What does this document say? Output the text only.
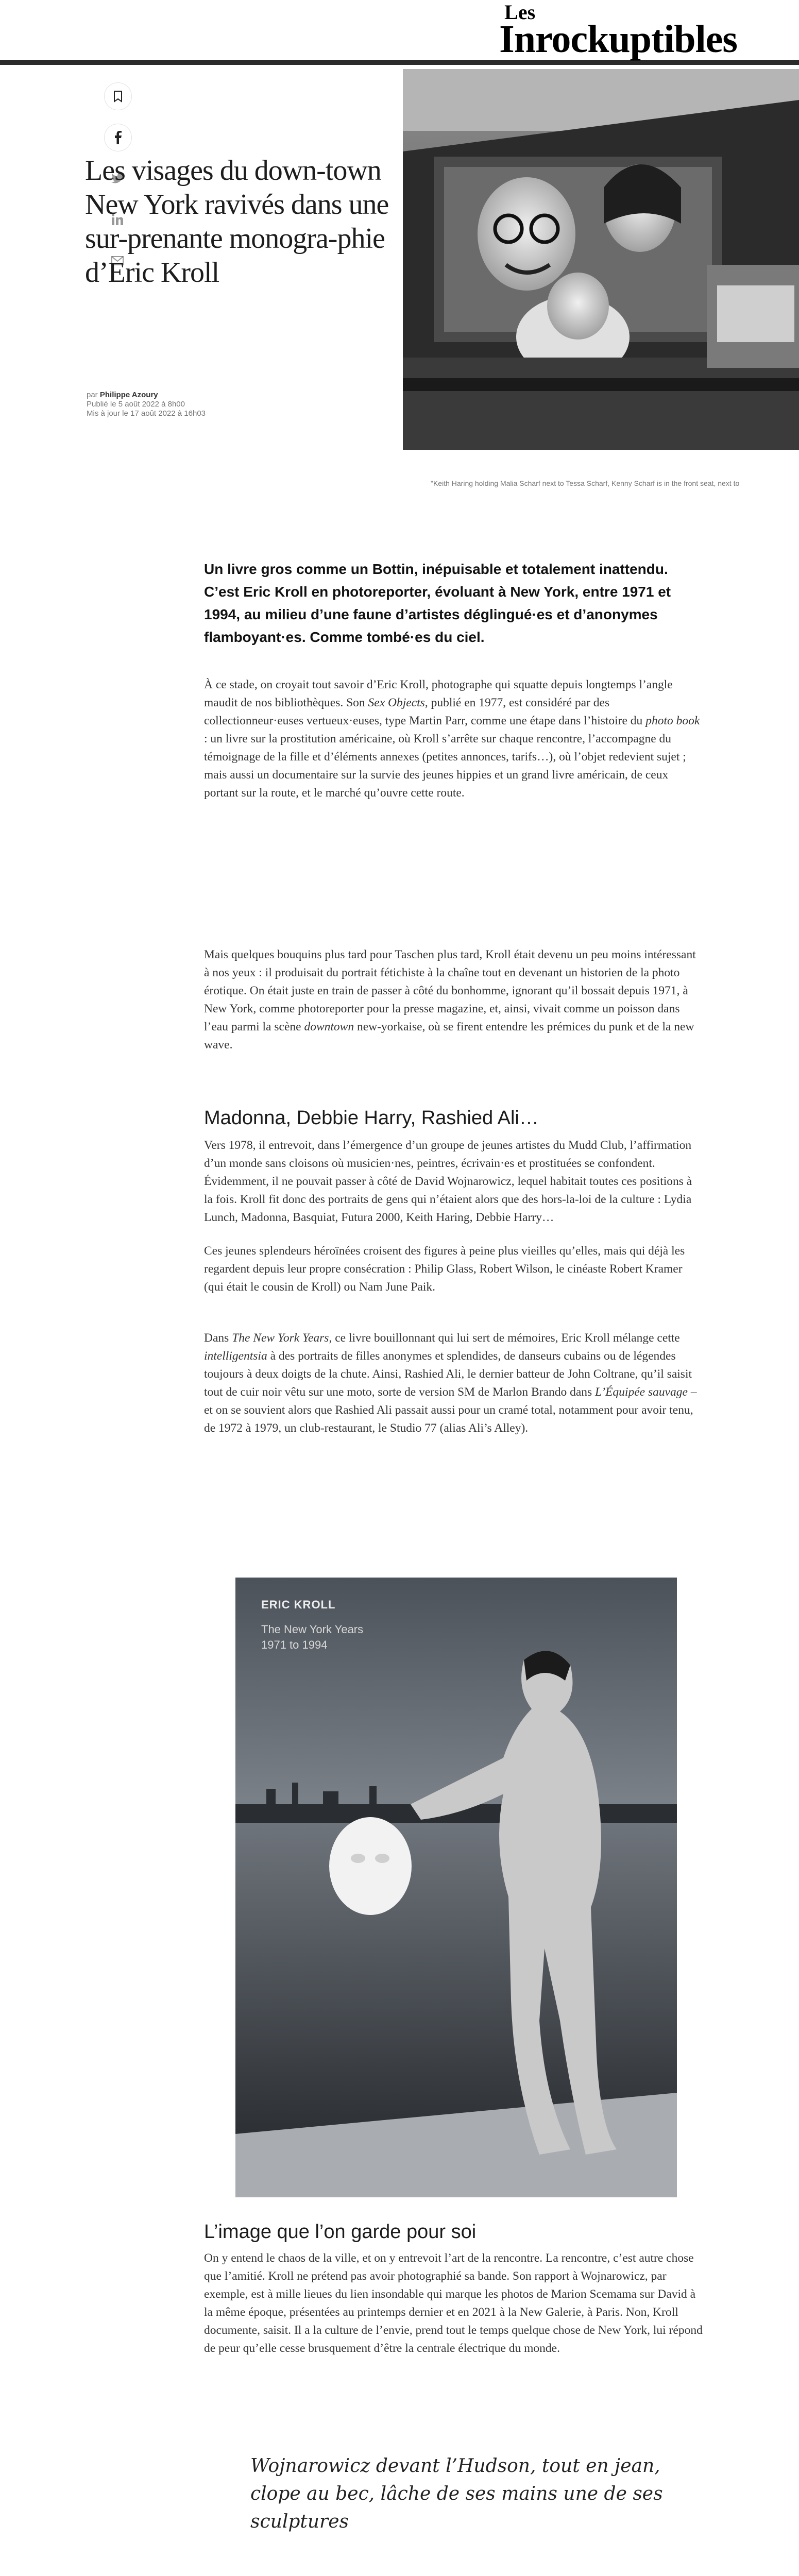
Les
Inrockuptibles
Les visages du down-town New York ravivés dans une sur-prenante monogra-phie d’Eric Kroll
par Philippe Azoury
Publié le 5 août 2022 à 8h00
Mis à jour le 17 août 2022 à 16h03
"Keith Haring holding Malia Scharf next to Tessa Scharf, Kenny Scharf is in the front seat, next to
Un livre gros comme un Bottin, inépuisable et totalement inattendu. C’est Eric Kroll en photoreporter, évoluant à New York, entre 1971 et 1994, au milieu d’une faune d’artistes déglingué·es et d’anonymes flamboyant·es. Comme tombé·es du ciel.

À ce stade, on croyait tout savoir d’Eric Kroll, photographe qui squatte depuis longtemps l’angle maudit de nos bibliothèques. Son Sex Objects, publié en 1977, est considéré par des collectionneur·euses vertueux·euses, type Martin Parr, comme une étape dans l’histoire du photo book : un livre sur la prostitution américaine, où Kroll s’arrête sur chaque rencontre, l’accompagne du témoignage de la fille et d’éléments annexes (petites annonces, tarifs…), où l’objet redevient sujet ; mais aussi un documentaire sur la survie des jeunes hippies et un grand livre américain, de ceux portant sur la route, et le marché qu’ouvre cette route.

Mais quelques bouquins plus tard pour Taschen plus tard, Kroll était devenu un peu moins intéressant à nos yeux : il produisait du portrait fétichiste à la chaîne tout en devenant un historien de la photo érotique. On était juste en train de passer à côté du bonhomme, ignorant qu’il bossait depuis 1971, à New York, comme photoreporter pour la presse magazine, et, ainsi, vivait comme un poisson dans l’eau parmi la scène downtown new-yorkaise, où se firent entendre les prémices du punk et de la new wave.

Madonna, Debbie Harry, Rashied Ali…

Vers 1978, il entrevoit, dans l’émergence d’un groupe de jeunes artistes du Mudd Club, l’affirmation d’un monde sans cloisons où musicien·nes, peintres, écrivain·es et prostituées se confondent. Évidemment, il ne pouvait passer à côté de David Wojnarowicz, lequel habitait toutes ces positions à la fois. Kroll fit donc des portraits de gens qui n’étaient alors que des hors-la-loi de la culture : Lydia Lunch, Madonna, Basquiat, Futura 2000, Keith Haring, Debbie Harry…

Ces jeunes splendeurs héroïnées croisent des figures à peine plus vieilles qu’elles, mais qui déjà les regardent depuis leur propre consécration : Philip Glass, Robert Wilson, le cinéaste Robert Kramer (qui était le cousin de Kroll) ou Nam June Paik.

Dans The New York Years, ce livre bouillonnant qui lui sert de mémoires, Eric Kroll mélange cette intelligentsia à des portraits de filles anonymes et splendides, de danseurs cubains ou de légendes toujours à deux doigts de la chute. Ainsi, Rashied Ali, le dernier batteur de John Coltrane, qu’il saisit tout de cuir noir vêtu sur une moto, sorte de version SM de Marlon Brando dans L’Équipée sauvage – et on se souvient alors que Rashied Ali passait aussi pour un cramé total, notamment pour avoir tenu, de 1972 à 1979, un club-restaurant, le Studio 77 (alias Ali’s Alley).

ERIC KROLL
The New York Years
1971 to 1994
L’image que l’on garde pour soi

On y entend le chaos de la ville, et on y entrevoit l’art de la rencontre. La rencontre, c’est autre chose que l’amitié. Kroll ne prétend pas avoir photographié sa bande. Son rapport à Wojnarowicz, par exemple, est à mille lieues du lien insondable qui marque les photos de Marion Scemama sur David à la même époque, présentées au printemps dernier et en 2021 à la New Galerie, à Paris. Non, Kroll documente, saisit. Il a la culture de l’envie, prend tout le temps quelque chose de New York, lui répond de peur qu’elle cesse brusquement d’être la centrale électrique du monde.

Wojnarowicz devant l’Hudson, tout en jean, clope au bec, lâche de ses mains une de ses sculptures
